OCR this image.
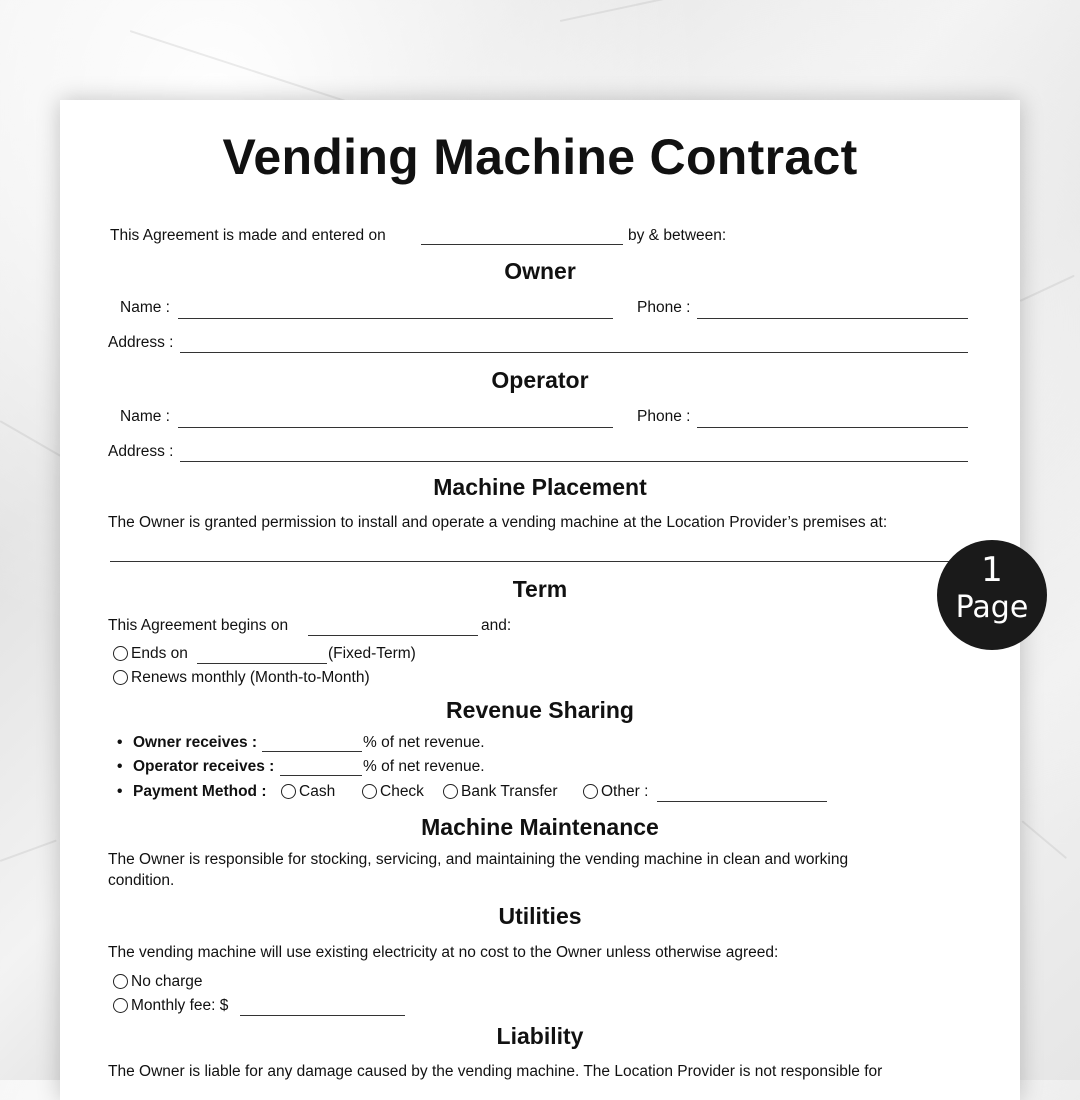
Vending Machine Contract
This Agreement is made and entered on	by & between:
Owner
Name :	Phone :
Address :
Operator
Name :	Phone :
Address :
Machine Placement
The Owner is granted permission to install and operate a vending machine at the Location Provider’s premises at:
Term
This Agreement begins on	and:
Ends on	(Fixed-Term)
Renews monthly (Month-to-Month)
Revenue Sharing
• Owner receives :	% of net revenue.
• Operator receives :	% of net revenue.
• Payment Method :	Cash	Check	Bank Transfer	Other :
Machine Maintenance
The Owner is responsible for stocking, servicing, and maintaining the vending machine in clean and working
condition.
Utilities
The vending machine will use existing electricity at no cost to the Owner unless otherwise agreed:
No charge
Monthly fee: $
Liability
The Owner is liable for any damage caused by the vending machine. The Location Provider is not responsible for
1
Page
